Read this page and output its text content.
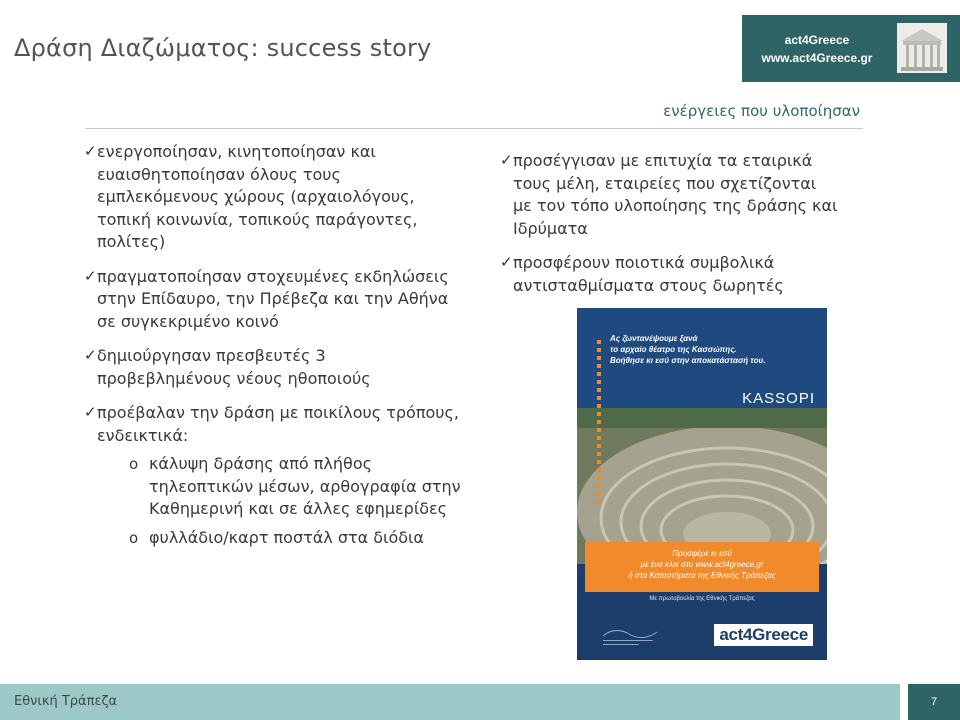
Δράση Διαζώματος: success story	act4Greece
www.act4Greece.gr
ενέργειες που υλοποίησαν
✓ ενεργοποίησαν, κινητοποίησαν και ευαισθητοποίησαν όλους τους εμπλεκόμενους χώρους (αρχαιολόγους, τοπική κοινωνία, τοπικούς παράγοντες, πολίτες)
✓ πραγματοποίησαν στοχευμένες εκδηλώσεις στην Επίδαυρο, την Πρέβεζα και την Αθήνα σε συγκεκριμένο κοινό
✓ δημιούργησαν πρεσβευτές 3 προβεβλημένους νέους ηθοποιούς
✓ προέβαλαν την δράση με ποικίλους τρόπους, ενδεικτικά:
o κάλυψη δράσης από πλήθος τηλεοπτικών μέσων, αρθογραφία στην Καθημερινή και σε άλλες εφημερίδες
o φυλλάδιο/καρτ ποστάλ στα διόδια
✓ προσέγγισαν με επιτυχία τα εταιρικά τους μέλη, εταιρείες που σχετίζονται με τον τόπο υλοποίησης της δράσης και Ιδρύματα
✓ προσφέρουν ποιοτικά συμβολικά αντισταθμίσματα στους δωρητές
Ας ζωντανέψουμε ξανά
το αρχαίο θέατρο της Κασσώπης.
Βοήθησε κι εσύ στην αποκατάστασή του.
KASSOPI
Προσφέρε κι εσύ
με ένα κλικ στο www.act4greece.gr
ή στα Καταστήματα της Εθνικής Τράπεζας
Με πρωτοβουλία της Εθνικής Τράπεζας
act4Greece
Εθνική Τράπεζα	7
